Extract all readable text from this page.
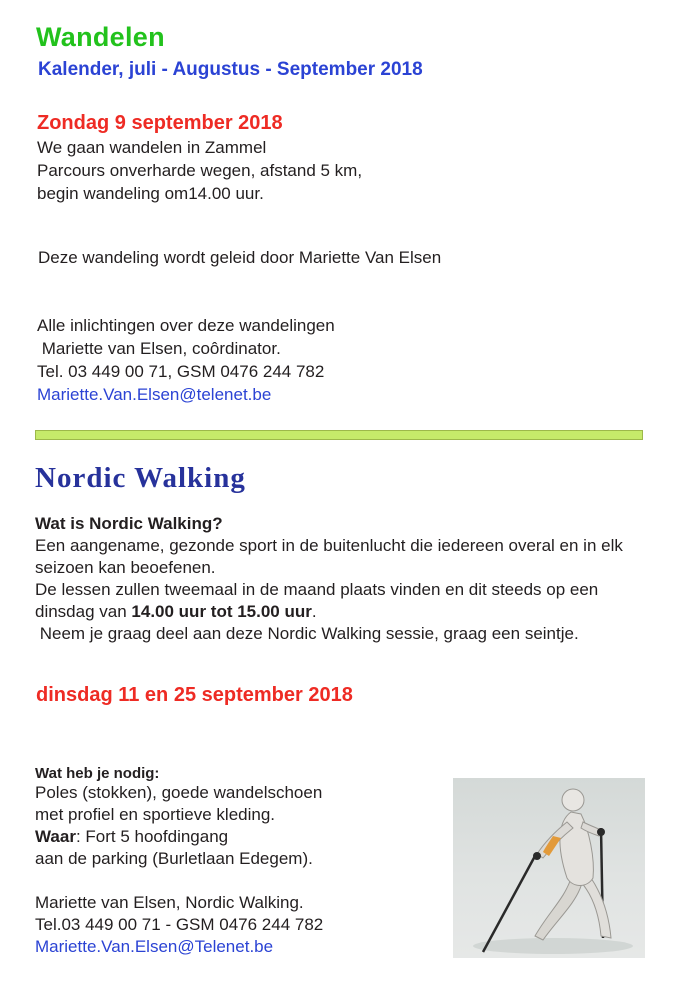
Wandelen
Kalender, juli - Augustus - September 2018
Zondag 9 september 2018
We gaan wandelen in Zammel
Parcours onverharde wegen, afstand 5 km,
begin wandeling om14.00 uur.
Deze wandeling wordt geleid door Mariette Van Elsen
Alle inlichtingen over deze wandelingen
Mariette van Elsen, coôrdinator.
Tel. 03 449 00 71, GSM 0476 244 782
Mariette.Van.Elsen@telenet.be
Nordic Walking
Wat is Nordic Walking?
Een aangename, gezonde sport in de buitenlucht die iedereen overal en in elk
seizoen kan beoefenen.
De lessen zullen tweemaal in de maand plaats vinden en dit steeds op een
dinsdag van 14.00 uur tot 15.00 uur.
Neem je graag deel aan deze Nordic Walking sessie, graag een seintje.
dinsdag 11 en 25 september 2018
Wat heb je nodig:
Poles (stokken), goede wandelschoen
met profiel en sportieve kleding.
Waar: Fort 5 hoofdingang
aan de parking (Burletlaan Edegem).
Mariette van Elsen, Nordic Walking.
Tel.03 449 00 71 - GSM 0476 244 782
Mariette.Van.Elsen@Telenet.be
